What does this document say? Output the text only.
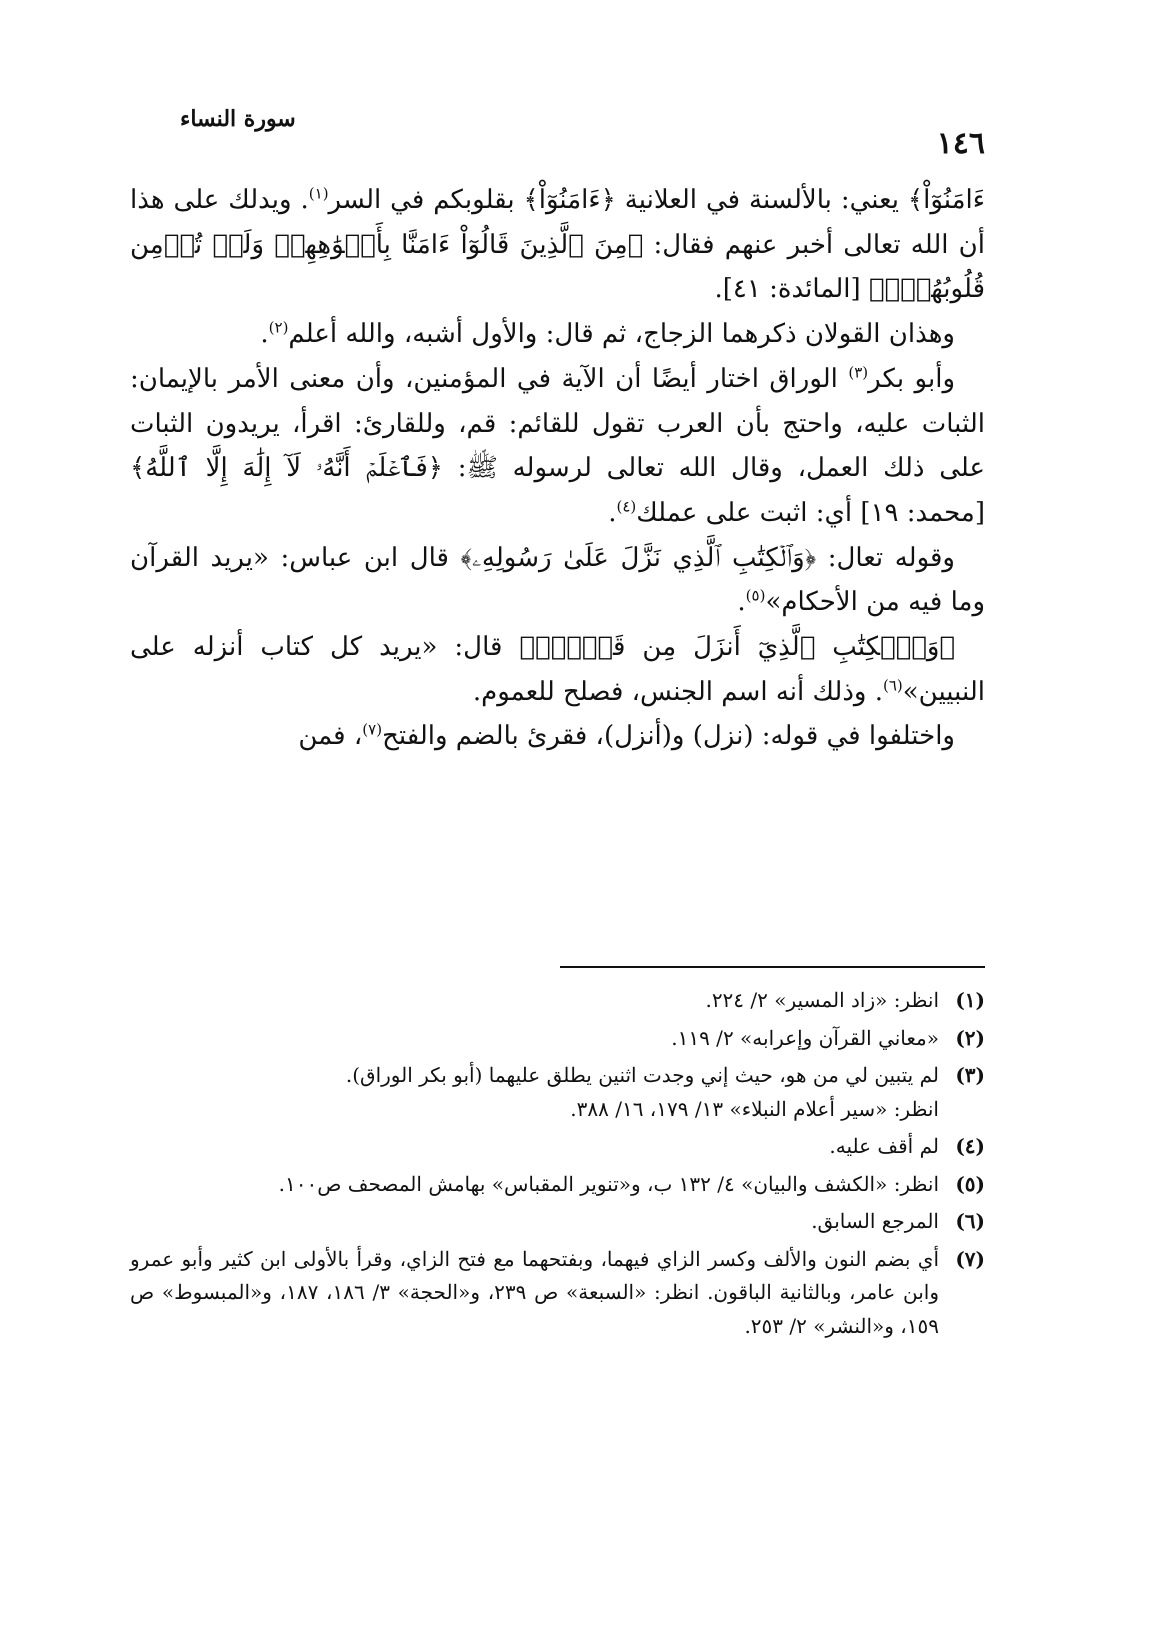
سورة النساء
١٤٦

ءَامَنُوٓاْ﴾ يعني: بالألسنة في العلانية ﴿ءَامَنُوٓاْ﴾ بقلوبكم في السر$^{(١)}$. ويدلك على هذا أن الله تعالى أخبر عنهم فقال: ﴿مِنَ ٱلَّذِينَ قَالُوٓاْ ءَامَنَّا بِأَفۡوَٰهِهِمۡ وَلَمۡ تُؤۡمِن قُلُوبُهُمۡۛ﴾ [المائدة: ٤١].

وهذان القولان ذكرهما الزجاج، ثم قال: والأول أشبه، والله أعلم$^{(٢)}$.

وأبو بكر$^{(٣)}$ الوراق اختار أيضًا أن الآية في المؤمنين، وأن معنى الأمر بالإيمان: الثبات عليه، واحتج بأن العرب تقول للقائم: قم، وللقارئ: اقرأ، يريدون الثبات على ذلك العمل، وقال الله تعالى لرسوله ﷺ: ﴿فَٱعۡلَمۡ أَنَّهُۥ لَآ إِلَٰهَ إِلَّا ٱللَّهُ﴾ [محمد: ١٩] أي: اثبت على عملك$^{(٤)}$.

وقوله تعال: ﴿وَٱلۡكِتَٰبِ ٱلَّذِي نَزَّلَ عَلَىٰ رَسُولِهِۦ﴾ قال ابن عباس: «يريد القرآن وما فيه من الأحكام»$^{(٥)}$.

﴿وَٱلۡكِتَٰبِ ٱلَّذِيٓ أَنزَلَ مِن قَبۡلُۚ﴾ قال: «يريد كل كتاب أنزله على النبيين»$^{(٦)}$. وذلك أنه اسم الجنس، فصلح للعموم.

واختلفوا في قوله: (نزل) و(أنزل)، فقرئ بالضم والفتح$^{(٧)}$، فمن

(١)
انظر: «زاد المسير» ٢/ ٢٢٤.
(٢)
«معاني القرآن وإعرابه» ٢/ ١١٩.
(٣)
لم يتبين لي من هو، حيث إني وجدت اثنين يطلق عليهما (أبو بكر الوراق).
انظر: «سير أعلام النبلاء» ١٣/ ١٧٩، ١٦/ ٣٨٨.
(٤)
لم أقف عليه.
(٥)
انظر: «الكشف والبيان» ٤/ ١٣٢ ب، و«تنوير المقباس» بهامش المصحف ص١٠٠.
(٦)
المرجع السابق.
(٧)
أي بضم النون والألف وكسر الزاي فيهما، وبفتحهما مع فتح الزاي، وقرأ بالأولى ابن كثير وأبو عمرو وابن عامر، وبالثانية الباقون. انظر: «السبعة» ص ٢٣٩، و«الحجة» ٣/ ١٨٦، ١٨٧، و«المبسوط» ص ١٥٩، و«النشر» ٢/ ٢٥٣.
